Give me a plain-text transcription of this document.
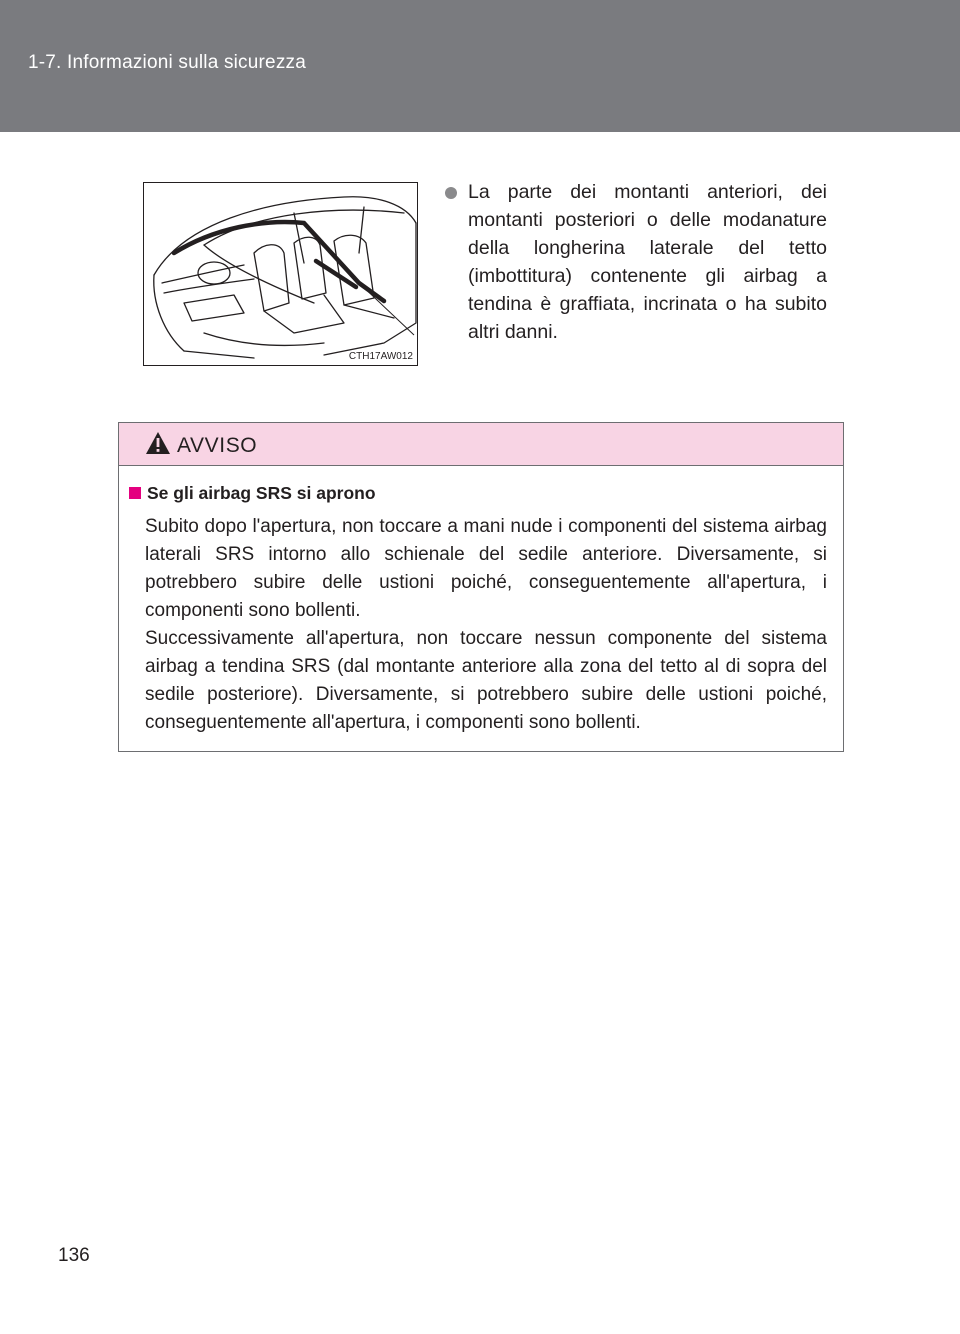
1-7. Informazioni sulla sicurezza
CTH17AW012
La parte dei montanti anteriori, dei montanti posteriori o delle modanature della longherina laterale del tetto (imbottitura) contenente gli airbag a tendina è graffiata, incrinata o ha subito altri danni.
AVVISO
Se gli airbag SRS si aprono
Subito dopo l'apertura, non toccare a mani nude i componenti del sistema airbag laterali SRS intorno allo schienale del sedile anteriore. Diversamente, si potrebbero subire delle ustioni poiché, conseguentemente all'apertura, i componenti sono bollenti.
Successivamente all'apertura, non toccare nessun componente del sistema airbag a tendina SRS (dal montante anteriore alla zona del tetto al di sopra del sedile posteriore). Diversamente, si potrebbero subire delle ustioni poiché, conseguentemente all'apertura, i componenti sono bollenti.
136
